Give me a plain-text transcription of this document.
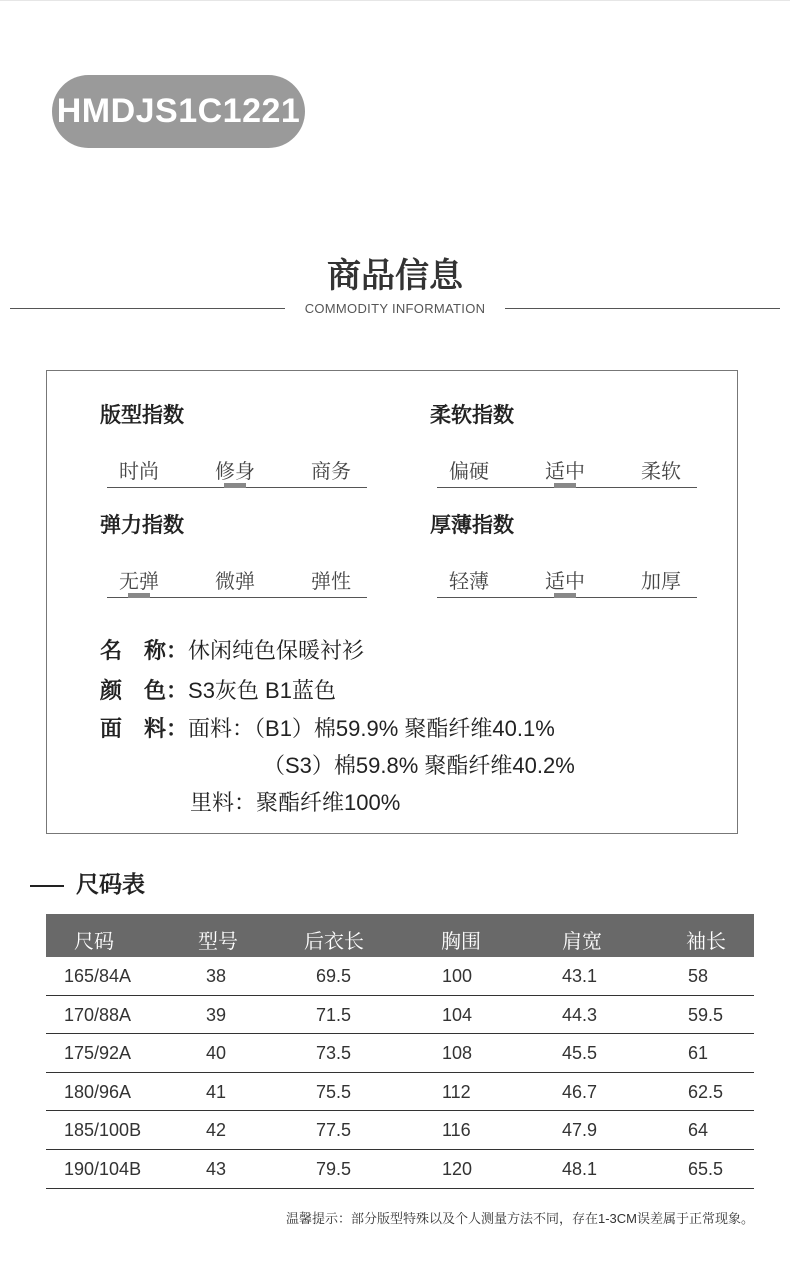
HMDJS1C1221
商品信息
COMMODITY INFORMATION
版型指数
时尚	修身	商务
柔软指数
偏硬	适中	柔软
弹力指数
无弹	微弹	弹性
厚薄指数
轻薄	适中	加厚
名　称：休闲纯色保暖衬衫
颜　色：S3灰色 B1蓝色
面　料：面料：（B1）棉59.9% 聚酯纤维40.1%
（S3）棉59.8% 聚酯纤维40.2%
里料：聚酯纤维100%
尺码表
尺码	型号	后衣长	胸围	肩宽	袖长
165/84A	38	69.5	100	43.1	58
170/88A	39	71.5	104	44.3	59.5
175/92A	40	73.5	108	45.5	61
180/96A	41	75.5	112	46.7	62.5
185/100B	42	77.5	116	47.9	64
190/104B	43	79.5	120	48.1	65.5
温馨提示：部分版型特殊以及个人测量方法不同，存在1-3CM误差属于正常现象。
